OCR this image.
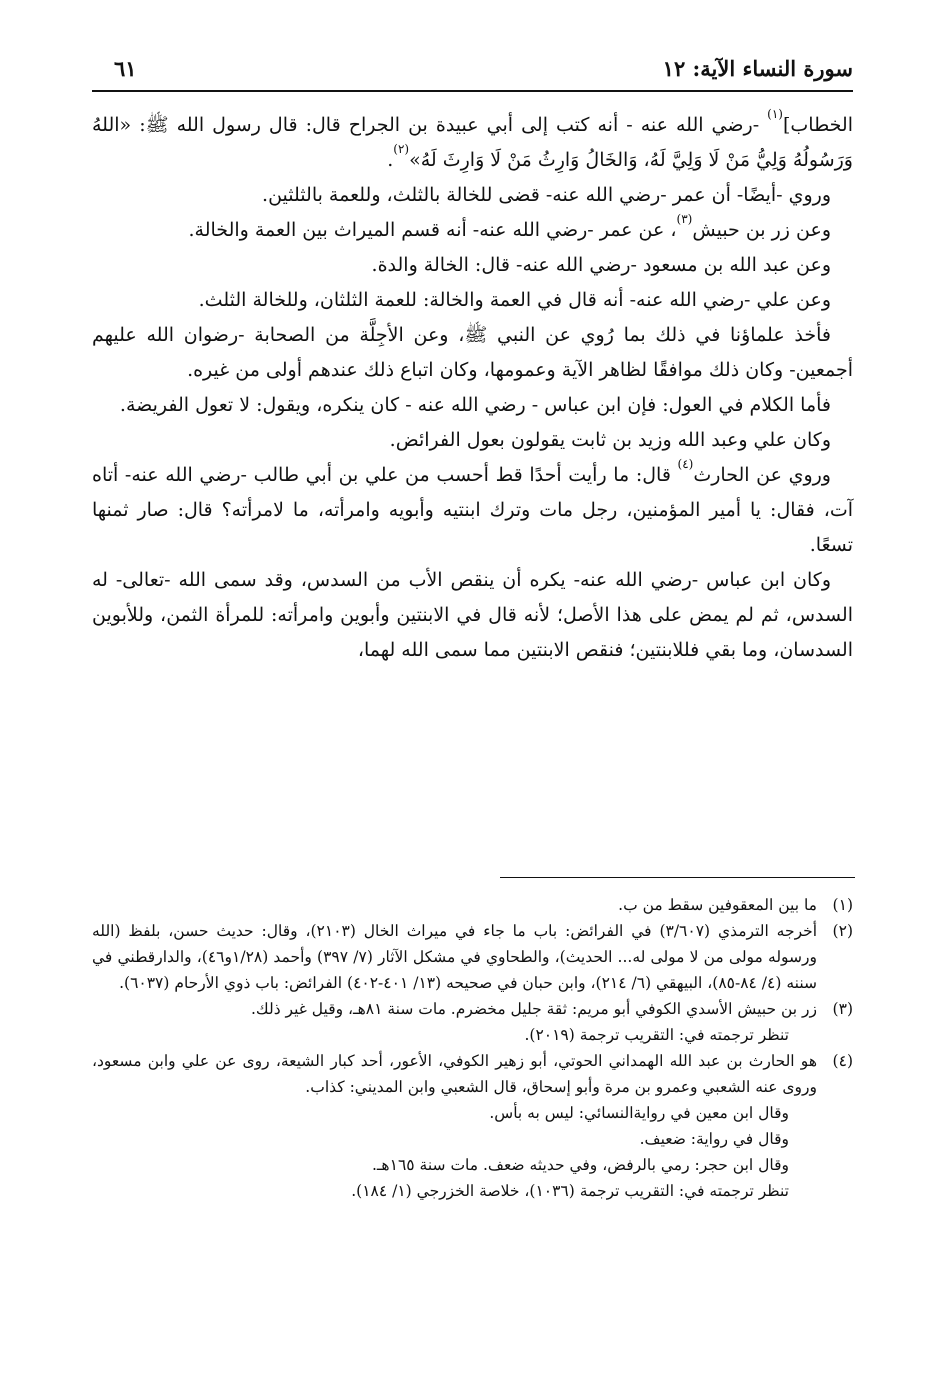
سورة النساء الآية: ١٢
٦١

الخطاب]$^{(١)}$ -رضي الله عنه - أنه كتب إلى أبي عبيدة بن الجراح قال: قال رسول الله ﷺ: «اللهُ وَرَسُولُهُ وَلِيُّ مَنْ لَا وَلِيَّ لَهُ، وَالخَالُ وَارِثُ مَنْ لَا وَارِثَ لَهُ»$^{(٢)}$.

وروي -أيضًا- أن عمر -رضي الله عنه- قضى للخالة بالثلث، وللعمة بالثلثين.

وعن زر بن حبيش$^{(٣)}$، عن عمر -رضي الله عنه- أنه قسم الميراث بين العمة والخالة.

وعن عبد الله بن مسعود -رضي الله عنه- قال: الخالة والدة.

وعن علي -رضي الله عنه- أنه قال في العمة والخالة: للعمة الثلثان، وللخالة الثلث.

فأخذ علماؤنا في ذلك بما رُوي عن النبي ﷺ، وعن الأجِلَّة من الصحابة -رضوان الله عليهم أجمعين- وكان ذلك موافقًا لظاهر الآية وعمومها، وكان اتباع ذلك عندهم أولى من غيره.

فأما الكلام في العول: فإن ابن عباس - رضي الله عنه - كان ينكره، ويقول: لا تعول الفريضة.

وكان علي وعبد الله وزيد بن ثابت يقولون بعول الفرائض.

وروي عن الحارث$^{(٤)}$ قال: ما رأيت أحدًا قط أحسب من علي بن أبي طالب -رضي الله عنه- أتاه آت، فقال: يا أمير المؤمنين، رجل مات وترك ابنتيه وأبويه وامرأته، ما لامرأته؟ قال: صار ثمنها تسعًا.

وكان ابن عباس -رضي الله عنه- يكره أن ينقص الأب من السدس، وقد سمى الله -تعالى- له السدس، ثم لم يمض على هذا الأصل؛ لأنه قال في الابنتين وأبوين وامرأته: للمرأة الثمن، وللأبوين السدسان، وما بقي فللابنتين؛ فنقص الابنتين مما سمى الله لهما،

(١)

ما بين المعقوفين سقط من ب.

(٢)

أخرجه الترمذي (٣/٦٠٧) في الفرائض: باب ما جاء في ميراث الخال (٢١٠٣)، وقال: حديث حسن، بلفظ (الله ورسوله مولى من لا مولى له... الحديث)، والطحاوي في مشكل الآثار (٧/ ٣٩٧) وأحمد (١/٢٨و٤٦)، والدارقطني في سننه (٤/ ٨٤-٨٥)، البيهقي (٦/ ٢١٤)، وابن حبان في صحيحه (١٣/ ٤٠١-٤٠٢) الفرائض: باب ذوي الأرحام (٦٠٣٧).

(٣)

زر بن حبيش الأسدي الكوفي أبو مريم: ثقة جليل مخضرم. مات سنة ٨١هـ، وقيل غير ذلك.

تنظر ترجمته في: التقريب ترجمة (٢٠١٩).

(٤)

هو الحارث بن عبد الله الهمداني الحوتي، أبو زهير الكوفي، الأعور، أحد كبار الشيعة، روى عن علي وابن مسعود، وروى عنه الشعبي وعمرو بن مرة وأبو إسحاق، قال الشعبي وابن المديني: كذاب.

وقال ابن معين في روايةالنسائي: ليس به بأس.

وقال في رواية: ضعيف.

وقال ابن حجر: رمي بالرفض، وفي حديثه ضعف. مات سنة ١٦٥هـ.

تنظر ترجمته في: التقريب ترجمة (١٠٣٦)، خلاصة الخزرجي (١/ ١٨٤).
